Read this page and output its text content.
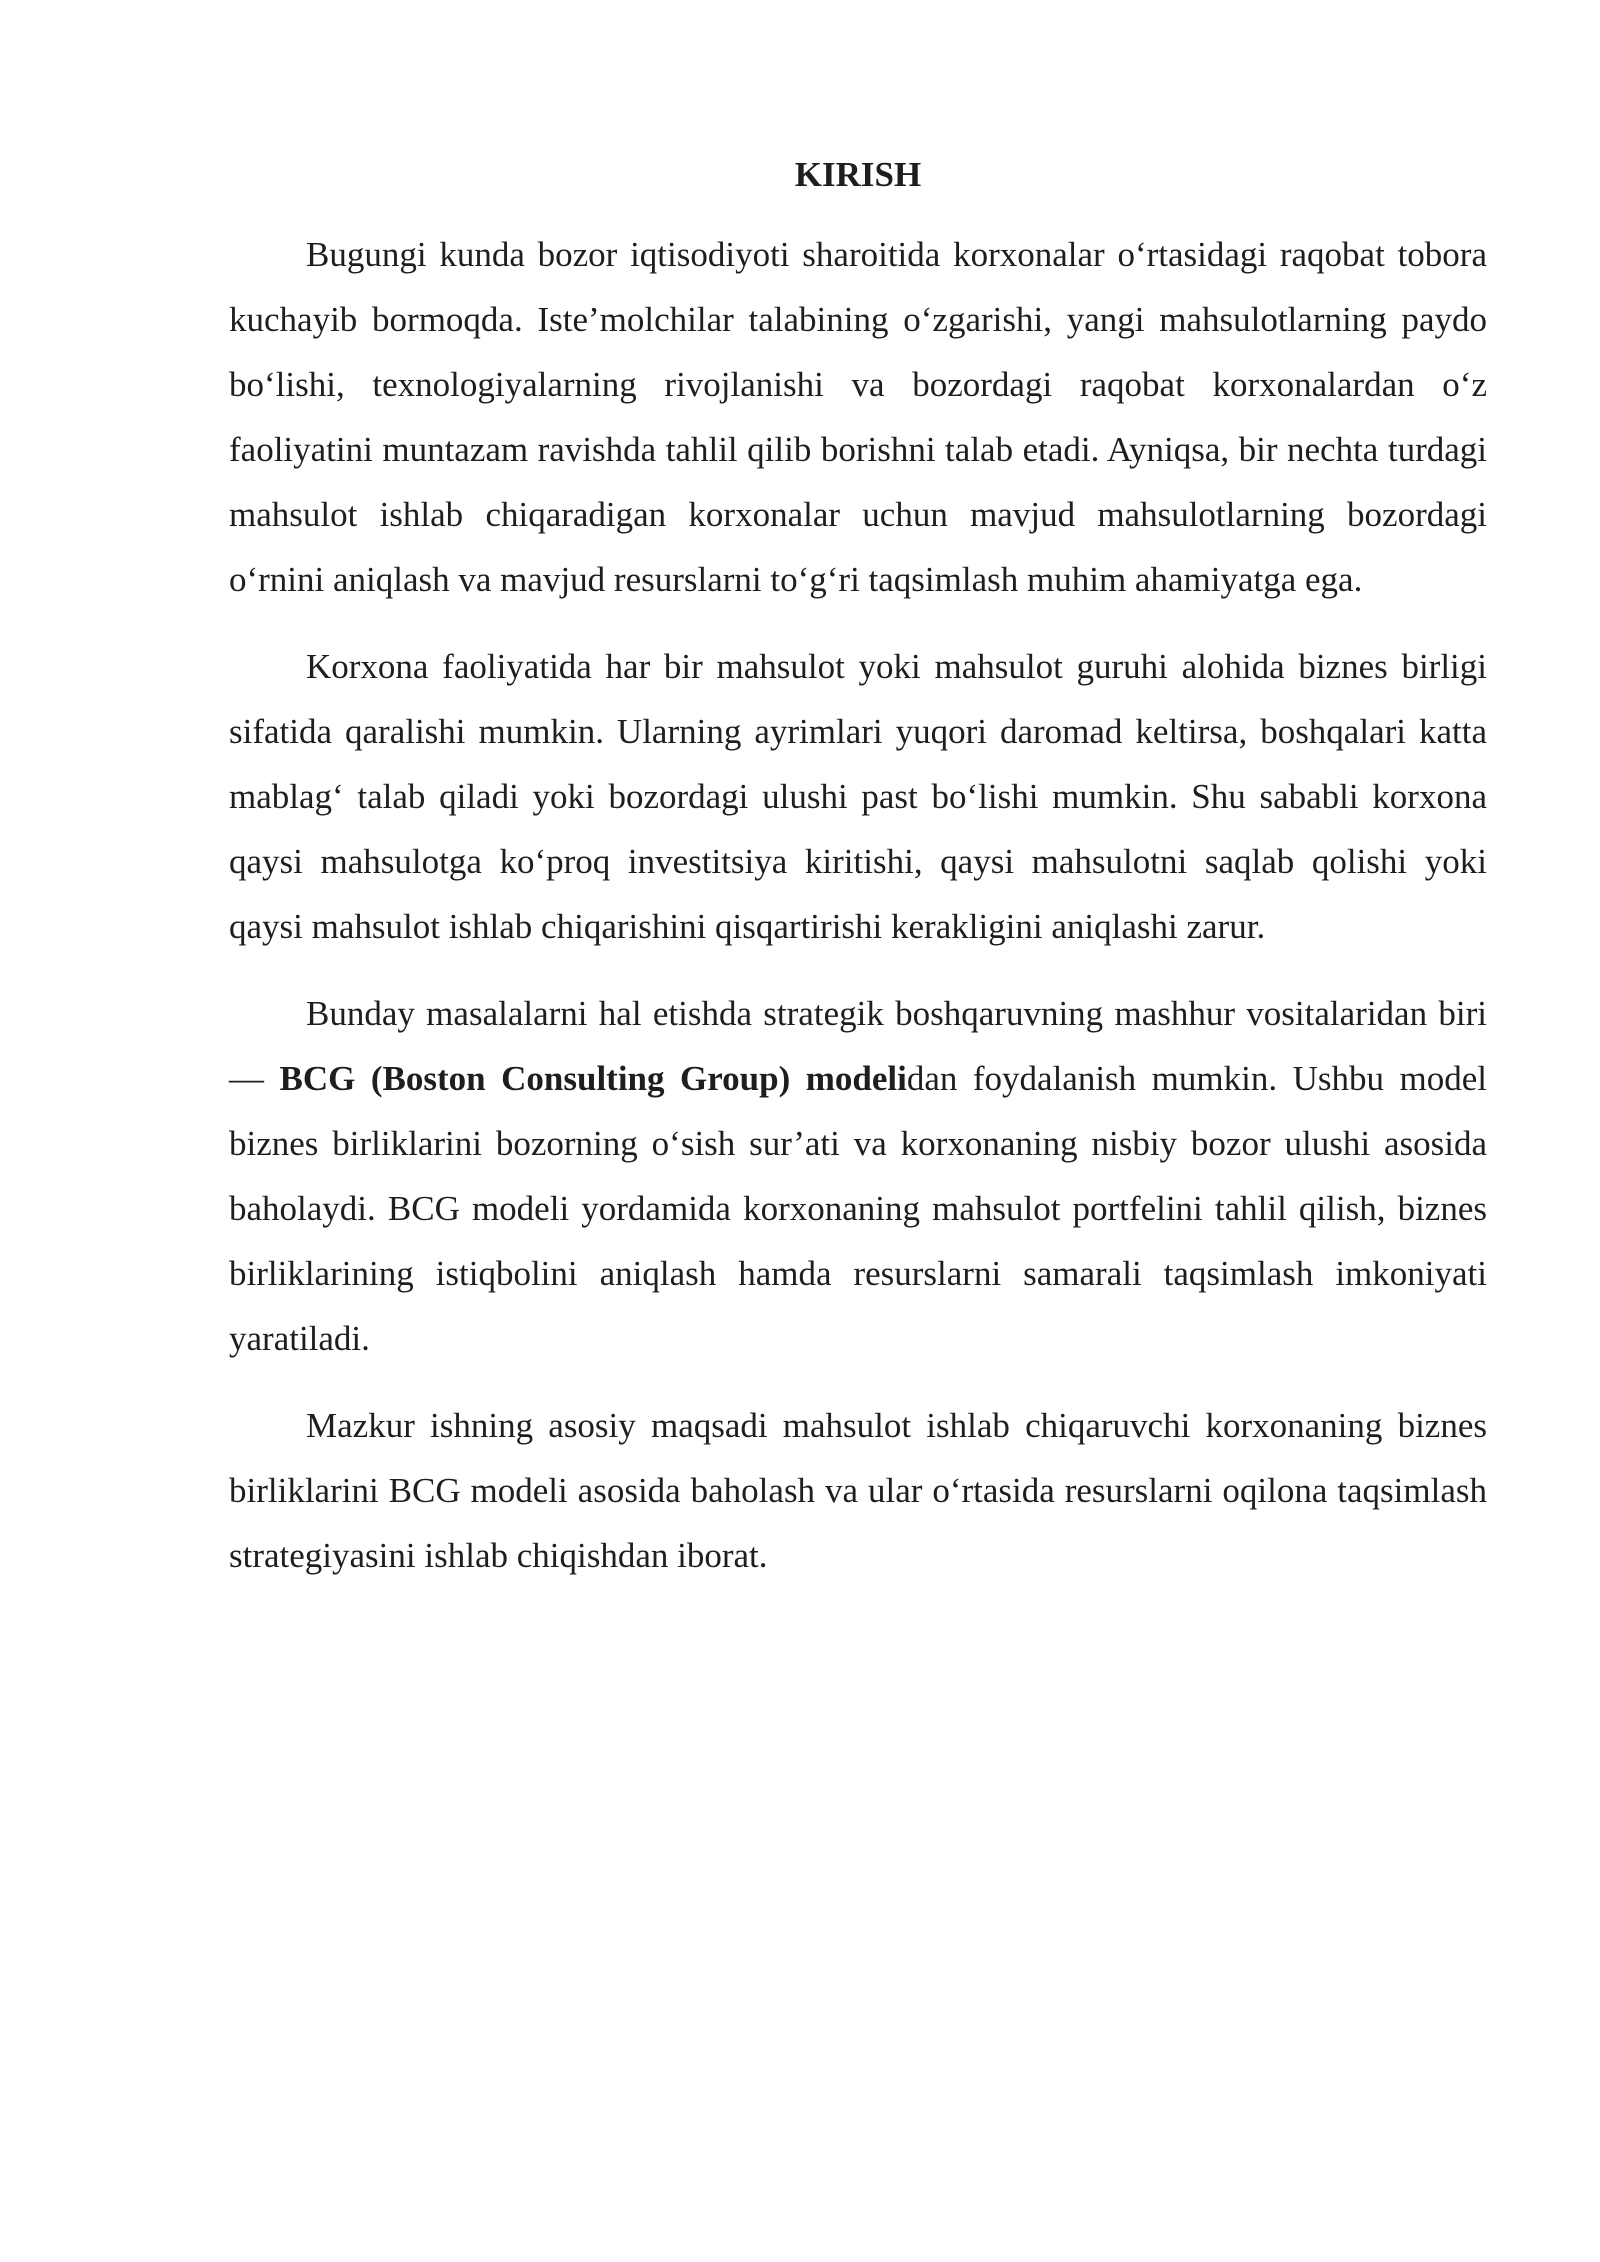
KIRISH

Bugungi kunda bozor iqtisodiyoti sharoitida korxonalar o‘rtasidagi raqobat tobora kuchayib bormoqda. Iste’molchilar talabining o‘zgarishi, yangi mahsulotlarning paydo bo‘lishi, texnologiyalarning rivojlanishi va bozordagi raqobat korxonalardan o‘z faoliyatini muntazam ravishda tahlil qilib borishni talab etadi. Ayniqsa, bir nechta turdagi mahsulot ishlab chiqaradigan korxonalar uchun mavjud mahsulotlarning bozordagi o‘rnini aniqlash va mavjud resurslarni to‘g‘ri taqsimlash muhim ahamiyatga ega.

Korxona faoliyatida har bir mahsulot yoki mahsulot guruhi alohida biznes birligi sifatida qaralishi mumkin. Ularning ayrimlari yuqori daromad keltirsa, boshqalari katta mablag‘ talab qiladi yoki bozordagi ulushi past bo‘lishi mumkin. Shu sababli korxona qaysi mahsulotga ko‘proq investitsiya kiritishi, qaysi mahsulotni saqlab qolishi yoki qaysi mahsulot ishlab chiqarishini qisqartirishi kerakligini aniqlashi zarur.

Bunday masalalarni hal etishda strategik boshqaruvning mashhur vositalaridan biri — BCG (Boston Consulting Group) modelidan foydalanish mumkin. Ushbu model biznes birliklarini bozorning o‘sish sur’ati va korxonaning nisbiy bozor ulushi asosida baholaydi. BCG modeli yordamida korxonaning mahsulot portfelini tahlil qilish, biznes birliklarining istiqbolini aniqlash hamda resurslarni samarali taqsimlash imkoniyati yaratiladi.

Mazkur ishning asosiy maqsadi mahsulot ishlab chiqaruvchi korxonaning biznes birliklarini BCG modeli asosida baholash va ular o‘rtasida resurslarni oqilona taqsimlash strategiyasini ishlab chiqishdan iborat.
